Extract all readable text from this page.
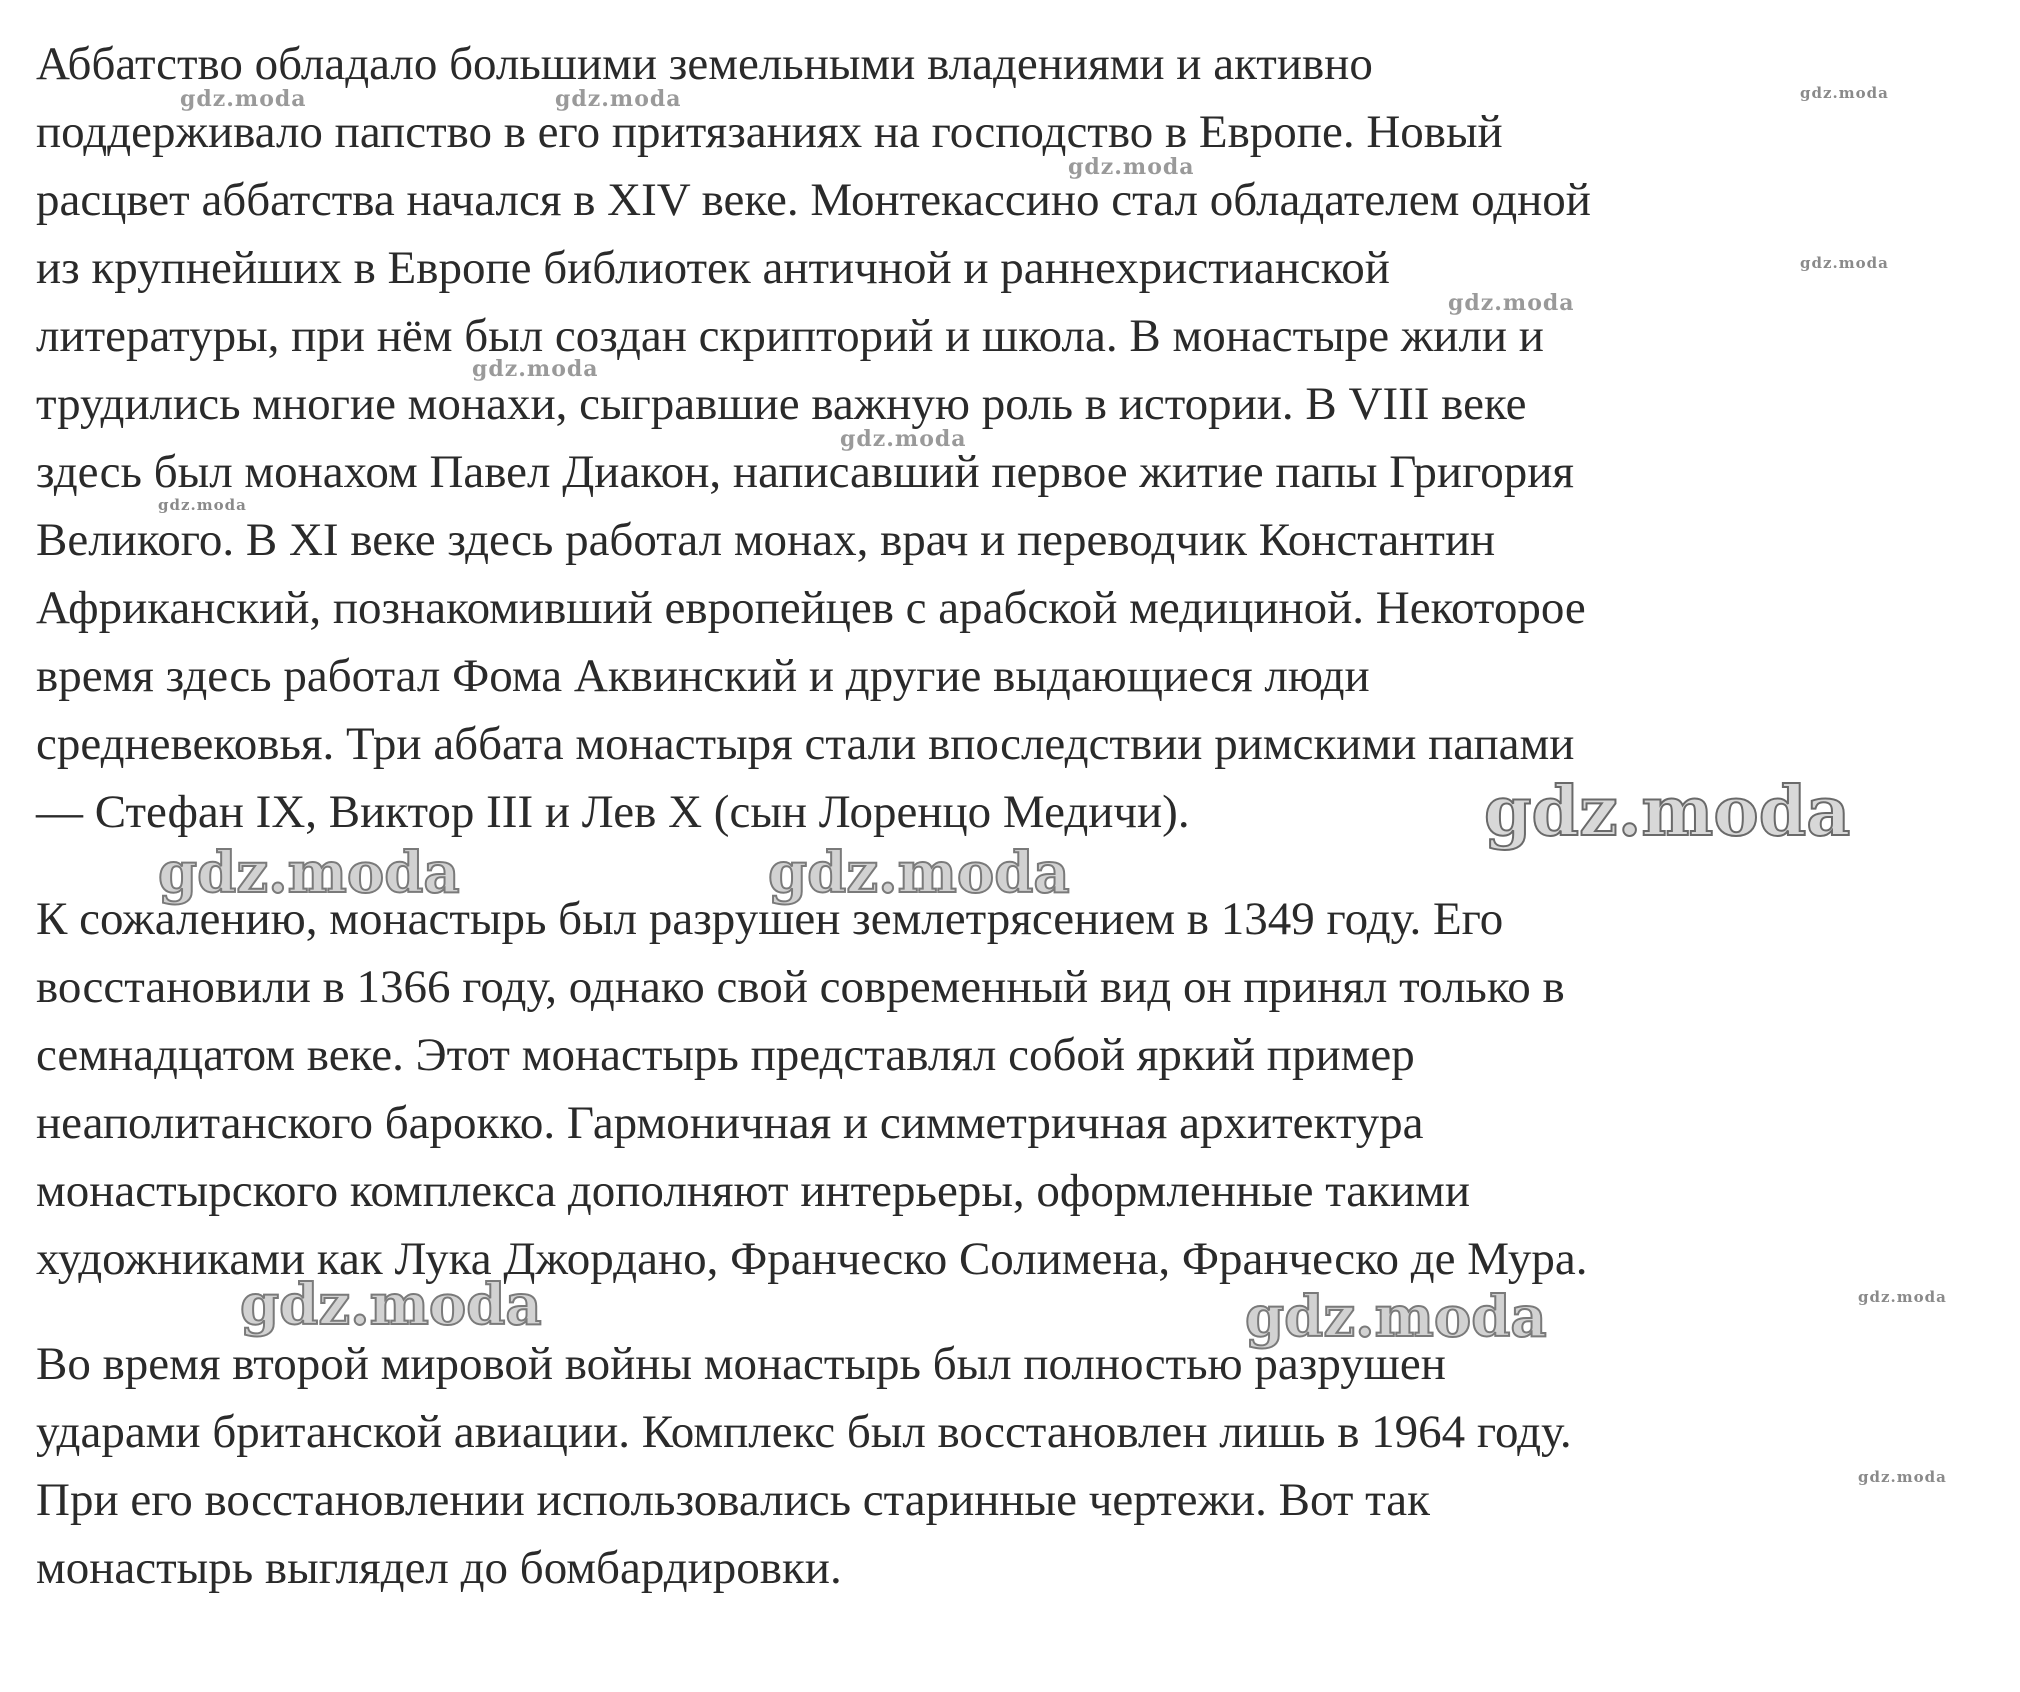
Аббатство обладало большими земельными владениями и активно
поддерживало папство в его притязаниях на господство в Европе. Новый
расцвет аббатства начался в XIV веке. Монтекассино стал обладателем одной
из крупнейших в Европе библиотек античной и раннехристианской
литературы, при нём был создан скрипторий и школа. В монастыре жили и
трудились многие монахи, сыгравшие важную роль в истории. В VIII веке
здесь был монахом Павел Диакон, написавший первое житие папы Григория
Великого. В XI веке здесь работал монах, врач и переводчик Константин
Африканский, познакомивший европейцев с арабской медициной. Некоторое
время здесь работал Фома Аквинский и другие выдающиеся люди
средневековья. Три аббата монастыря стали впоследствии римскими папами
— Стефан IX, Виктор III и Лев X (сын Лоренцо Медичи).
К сожалению, монастырь был разрушен землетрясением в 1349 году. Его
восстановили в 1366 году, однако свой современный вид он принял только в
семнадцатом веке. Этот монастырь представлял собой яркий пример
неаполитанского барокко. Гармоничная и симметричная архитектура
монастырского комплекса дополняют интерьеры, оформленные такими
художниками как Лука Джордано, Франческо Солимена, Франческо де Мура.
Во время второй мировой войны монастырь был полностью разрушен
ударами британской авиации. Комплекс был восстановлен лишь в 1964 году.
При его восстановлении использовались старинные чертежи. Вот так
монастырь выглядел до бомбардировки.
gdz.moda	gdz.moda	gdz.moda
gdz.moda
gdz.moda
gdz.moda
gdz.moda
gdz.moda
gdz.moda
gdz.moda
gdz.moda	gdz.moda
gdz.moda	gdz.moda
gdz.moda
gdz.moda
